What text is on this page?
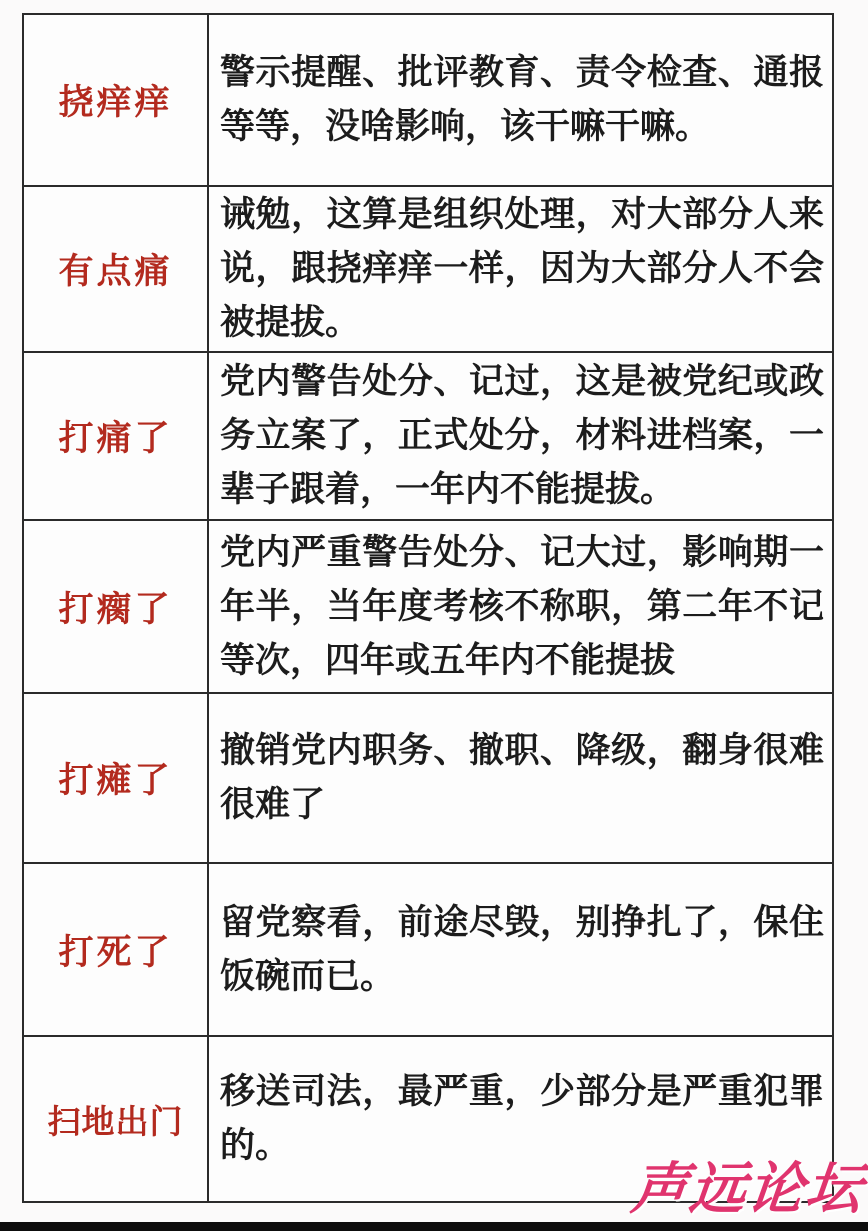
挠痒痒
警示提醒、批评教育、责令检查、通报等等，没啥影响，该干嘛干嘛。
有点痛
诫勉，这算是组织处理，对大部分人来说，跟挠痒痒一样，因为大部分人不会被提拔。
打痛了
党内警告处分、记过，这是被党纪或政务立案了，正式处分，材料进档案，一辈子跟着，一年内不能提拔。
打瘸了
党内严重警告处分、记大过，影响期一年半，当年度考核不称职，第二年不记等次，四年或五年内不能提拔
打瘫了
撤销党内职务、撤职、降级，翻身很难很难了
打死了
留党察看，前途尽毁，别挣扎了，保住饭碗而已。
扫地出门
移送司法，最严重，少部分是严重犯罪的。
声远论坛
